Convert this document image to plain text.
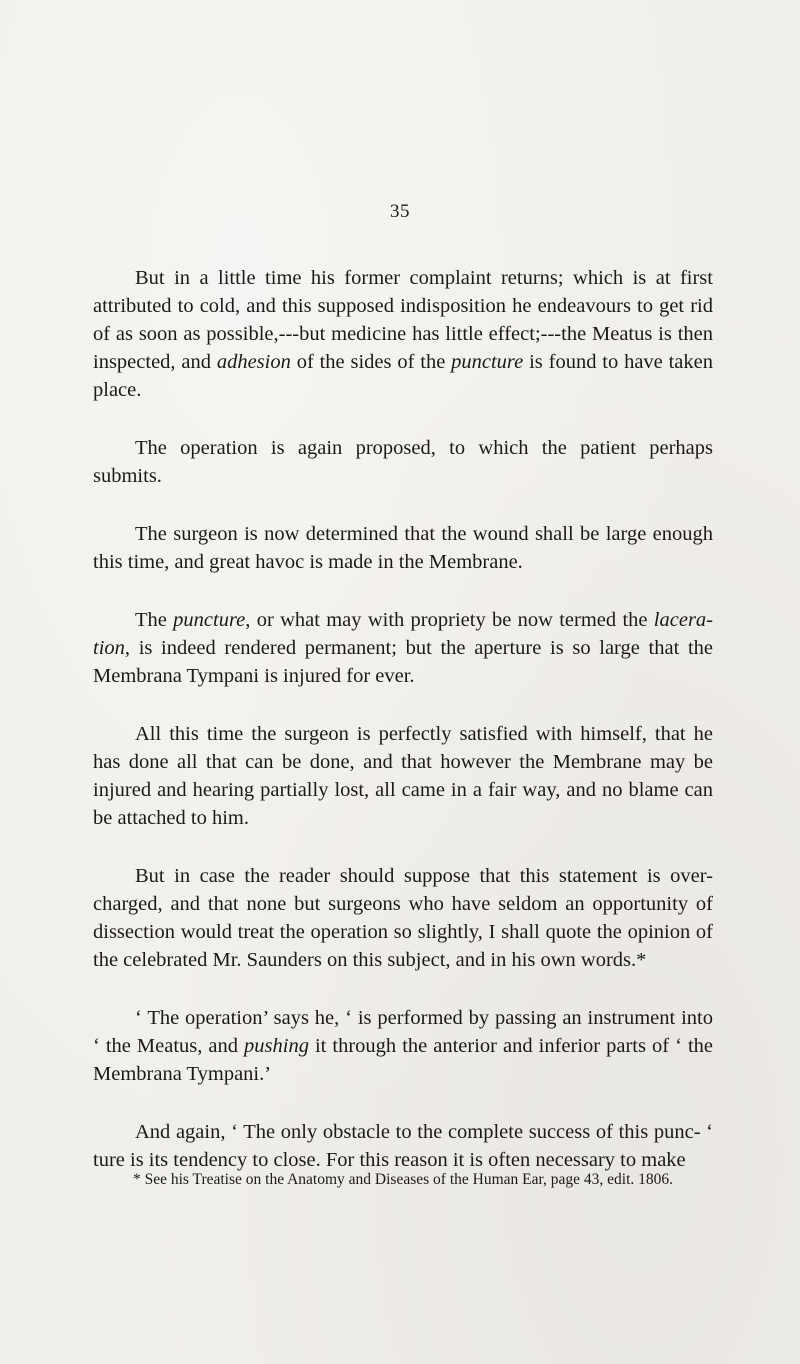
35

But in a little time his former complaint returns; which is at first attributed to cold, and this supposed indisposition he endeavours to get rid of as soon as possible,---but medicine has little effect;---the Meatus is then inspected, and adhesion of the sides of the puncture is found to have taken place.

The operation is again proposed, to which the patient perhaps submits.

The surgeon is now determined that the wound shall be large enough this time, and great havoc is made in the Membrane.

The puncture, or what may with propriety be now termed the lacera-tion, is indeed rendered permanent; but the aperture is so large that the Membrana Tympani is injured for ever.

All this time the surgeon is perfectly satisfied with himself, that he has done all that can be done, and that however the Membrane may be injured and hearing partially lost, all came in a fair way, and no blame can be attached to him.

But in case the reader should suppose that this statement is over-charged, and that none but surgeons who have seldom an opportunity of dissection would treat the operation so slightly, I shall quote the opinion of the celebrated Mr. Saunders on this subject, and in his own words.*

‘ The operation’ says he, ‘ is performed by passing an instrument into ‘ the Meatus, and pushing it through the anterior and inferior parts of ‘ the Membrana Tympani.’

And again, ‘ The only obstacle to the complete success of this punc- ‘ ture is its tendency to close. For this reason it is often necessary to make

* See his Treatise on the Anatomy and Diseases of the Human Ear, page 43, edit. 1806.
